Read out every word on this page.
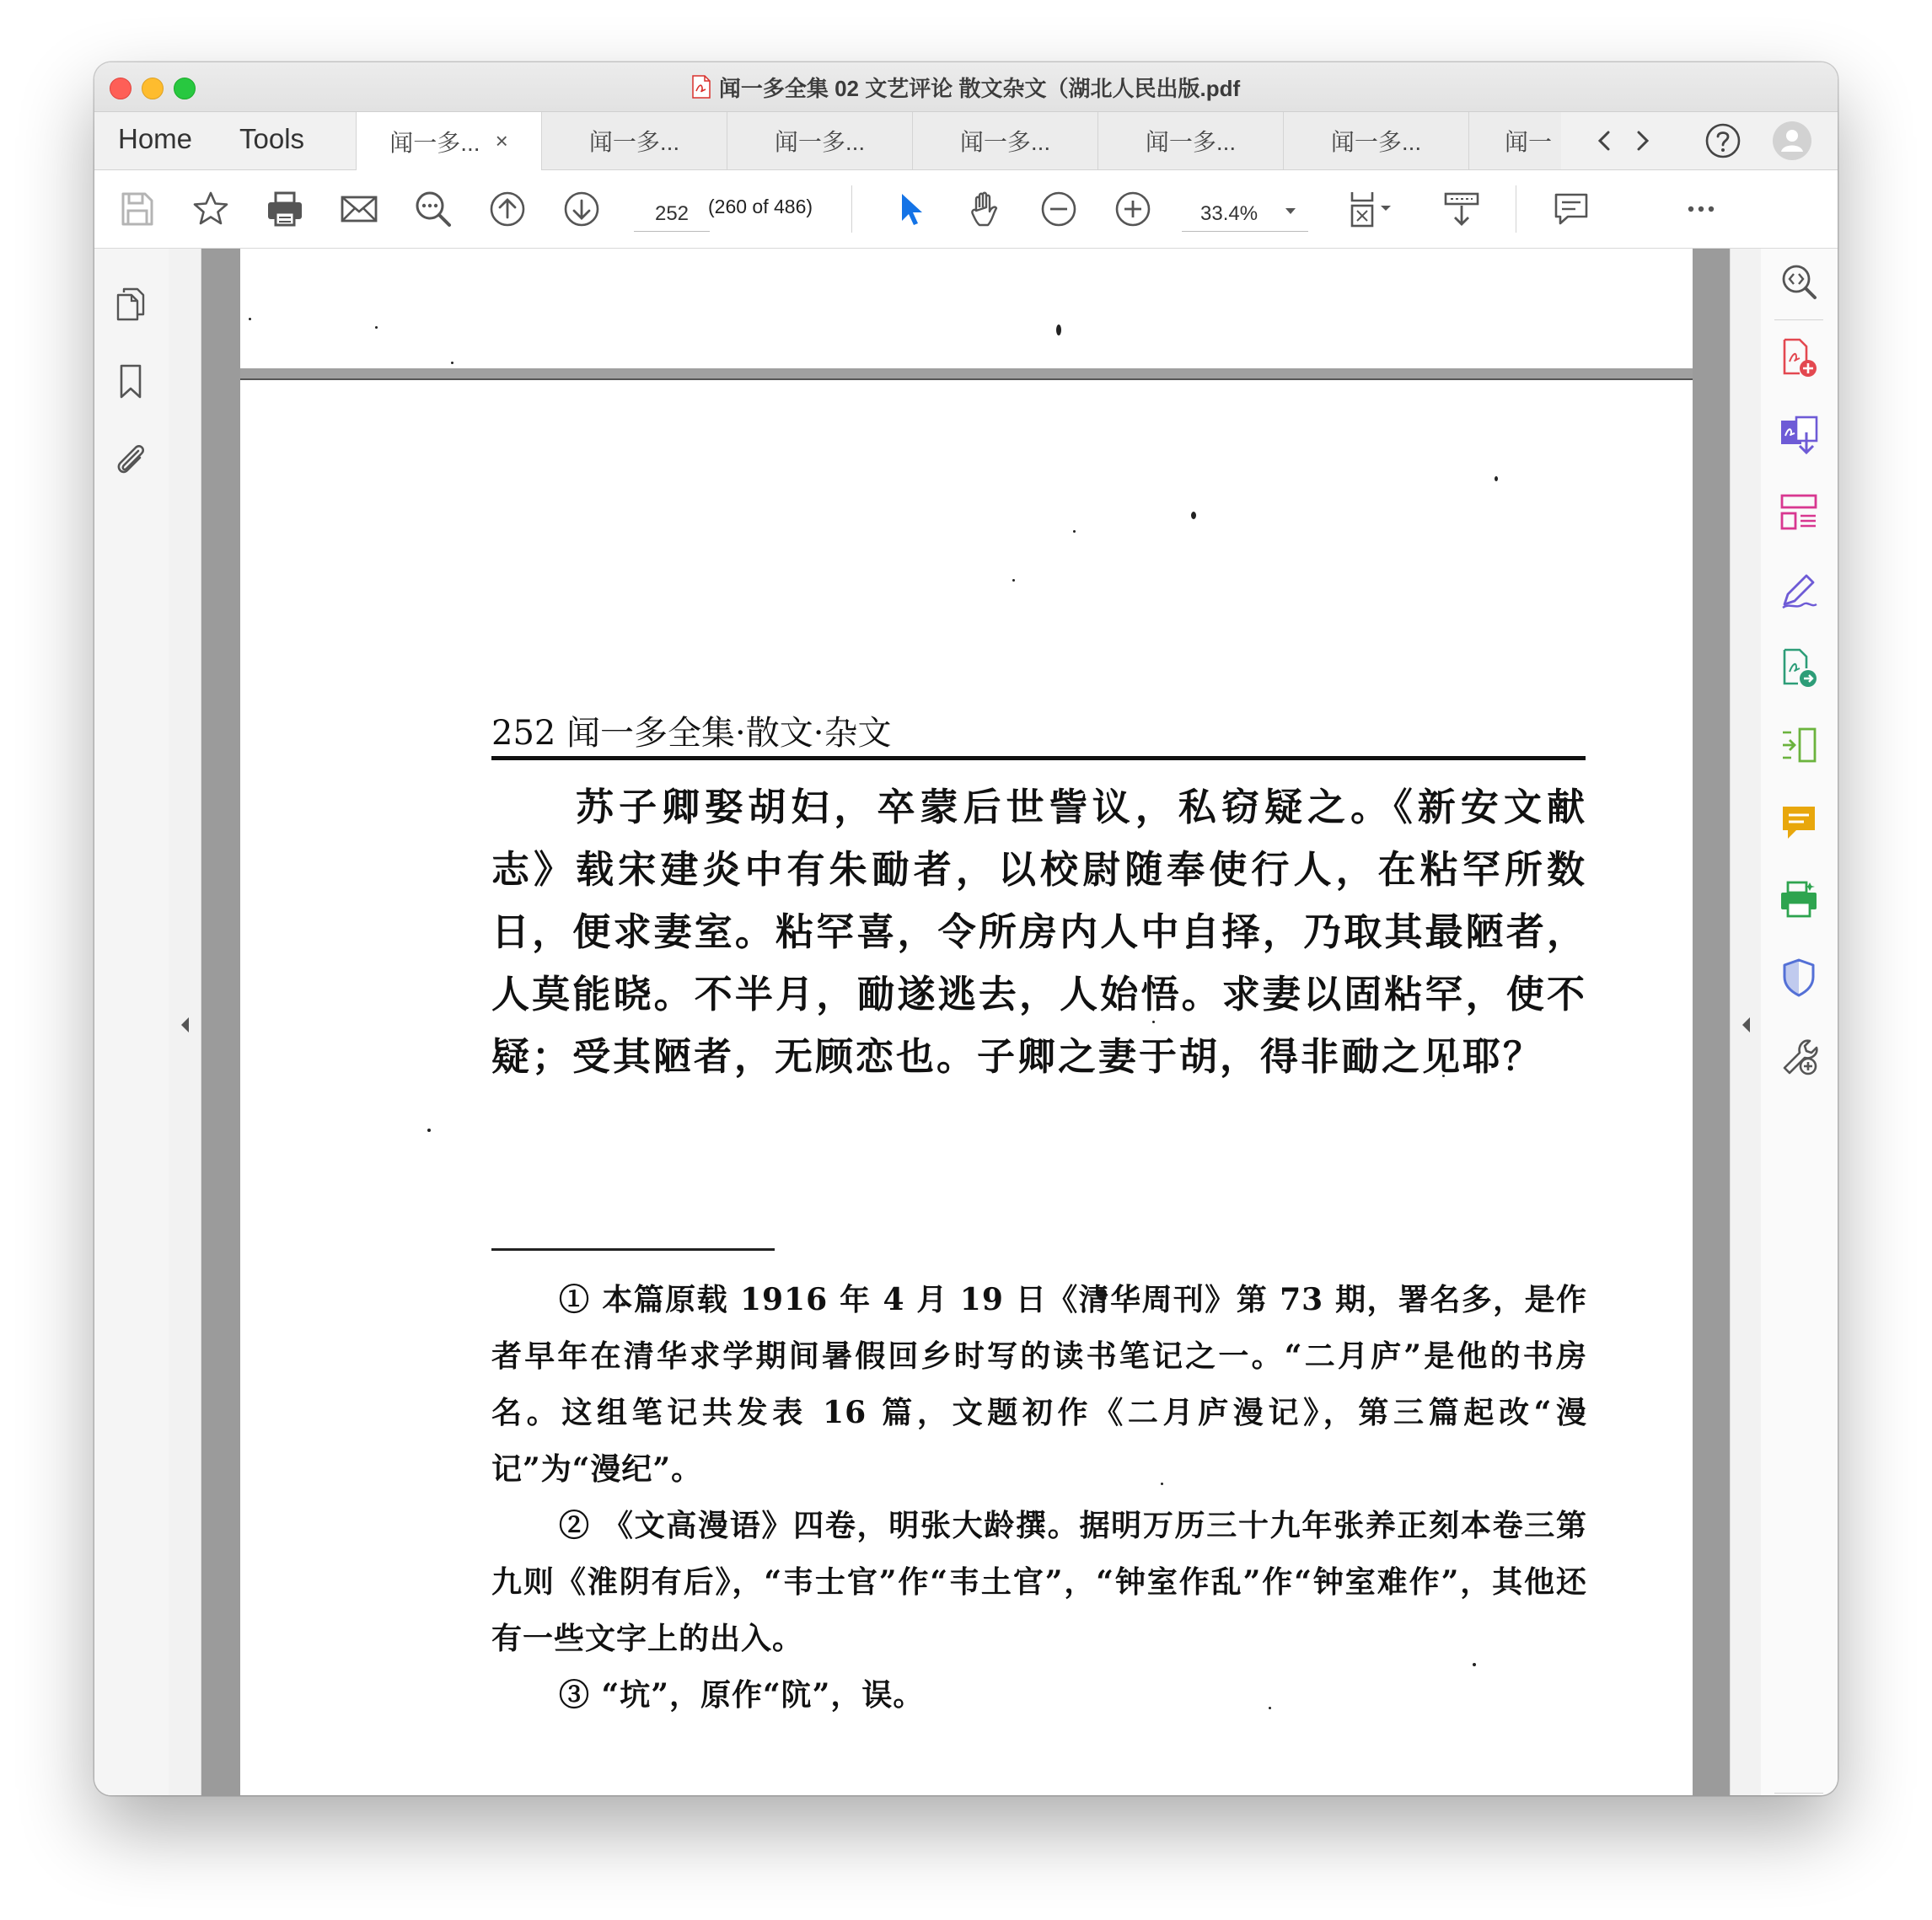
闻一多全集 02 文艺评论 散文杂文（湖北人民出版.pdf
Home Tools	闻一多... ×	闻一多...	闻一多...	闻一多...	闻一多...	闻一多...	闻一
252 (260 of 486)	33.4%
252 闻一多全集·散文·杂文

苏子卿娶胡妇，卒蒙后世訾议，私窃疑之。《新安文献志》载宋建炎中有朱勔者，以校尉随奉使行人，在粘罕所数日，便求妻室。粘罕喜，令所房内人中自择，乃取其最陋者，人莫能晓。不半月，勔遂逃去，人始悟。求妻以固粘罕，使不疑；受其陋者，无顾恋也。子卿之妻于胡，得非勔之见耶？

① 本篇原载 1916 年 4 月 19 日《清华周刊》第 73 期，署名多，是作者早年在清华求学期间暑假回乡时写的读书笔记之一。“二月庐”是他的书房名。这组笔记共发表 16 篇，文题初作《二月庐漫记》，第三篇起改“漫记”为“漫纪”。

② 《文高漫语》四卷，明张大龄撰。据明万历三十九年张养正刻本卷三第九则《淮阴有后》，“韦士官”作“韦土官”，“钟室作乱”作“钟室难作”，其他还有一些文字上的出入。

③ “坑”，原作“阬”，误。
